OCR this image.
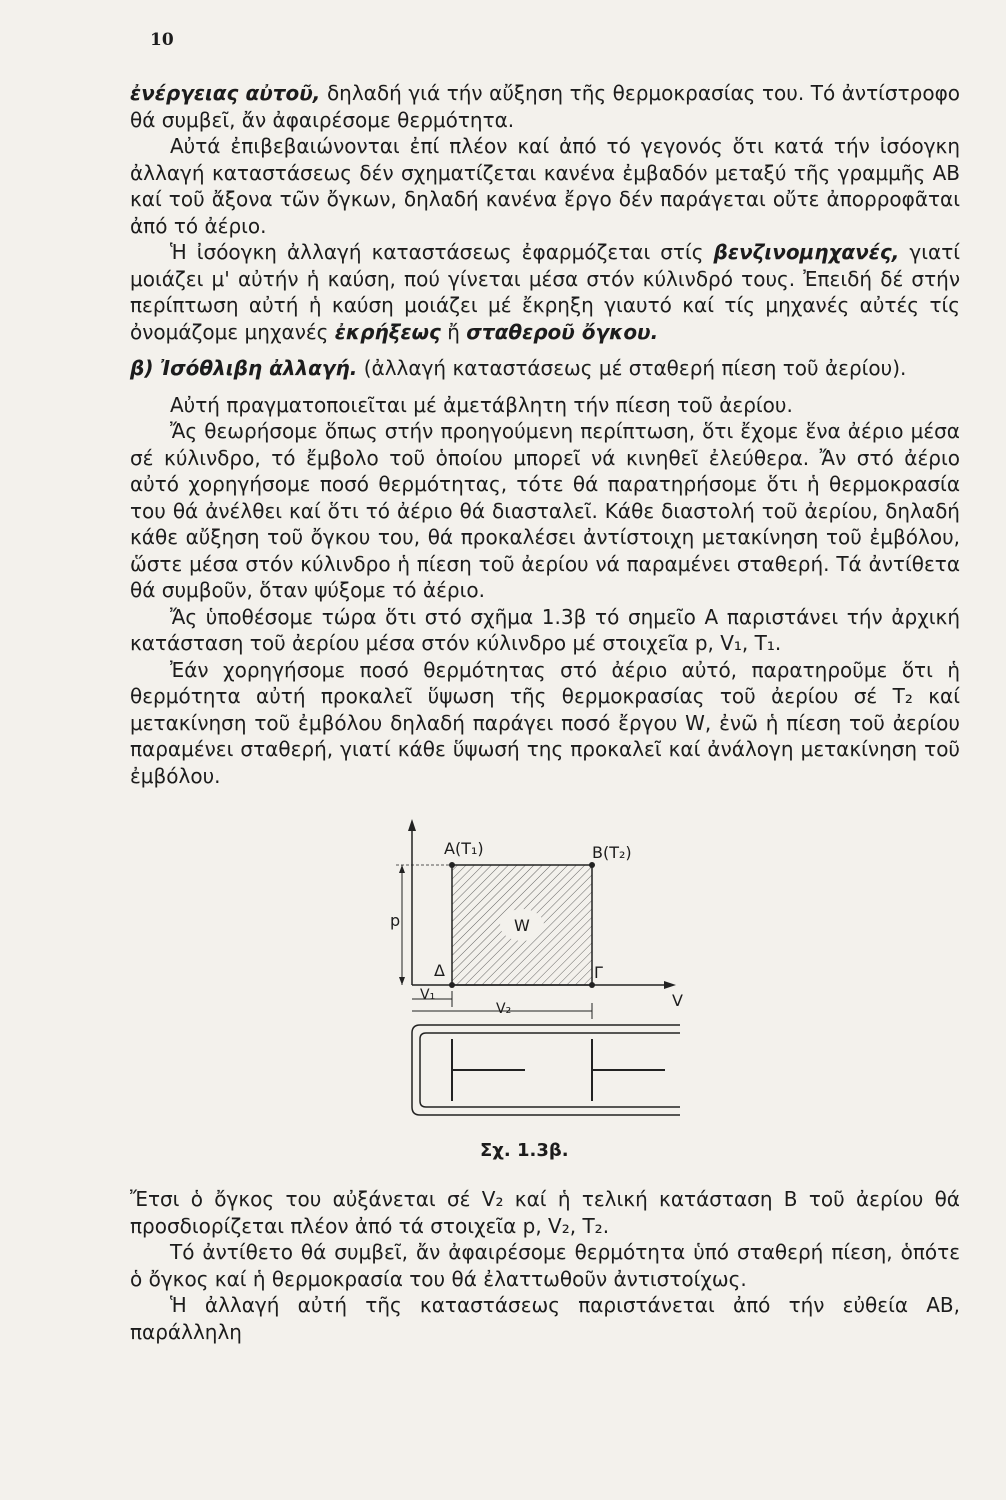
10

ἐνέργειας αὐτοῦ, δηλαδή γιά τήν αὔξηση τῆς θερμοκρασίας του. Τό ἀντίστροφο θά συμβεῖ, ἄν ἀφαιρέσομε θερμότητα.

Αὐτά ἐπιβεβαιώνονται ἐπί πλέον καί ἀπό τό γεγονός ὅτι κατά τήν ἰσόογκη ἀλλαγή καταστάσεως δέν σχηματίζεται κανένα ἐμβαδόν μεταξύ τῆς γραμμῆς ΑΒ καί τοῦ ἄξονα τῶν ὄγκων, δηλαδή κανένα ἔργο δέν παράγεται οὔτε ἀπορροφᾶται ἀπό τό ἀέριο.

Ἡ ἰσόογκη ἀλλαγή καταστάσεως ἐφαρμόζεται στίς βενζινομηχανές, γιατί μοιάζει μ' αὐτήν ἡ καύση, πού γίνεται μέσα στόν κύλινδρό τους. Ἐπειδή δέ στήν περίπτωση αὐτή ἡ καύση μοιάζει μέ ἔκρηξη γιαυτό καί τίς μηχανές αὐτές τίς ὀνομάζομε μηχανές ἐκρήξεως ἤ σταθεροῦ ὄγκου.

β) Ἰσόθλιβη ἀλλαγή. (ἀλλαγή καταστάσεως μέ σταθερή πίεση τοῦ ἀερίου).

Αὐτή πραγματοποιεῖται μέ ἀμετάβλητη τήν πίεση τοῦ ἀερίου.

Ἄς θεωρήσομε ὅπως στήν προηγούμενη περίπτωση, ὅτι ἔχομε ἕνα ἀέριο μέσα σέ κύλινδρο, τό ἔμβολο τοῦ ὁποίου μπορεῖ νά κινηθεῖ ἐλεύθερα. Ἄν στό ἀέριο αὐτό χορηγήσομε ποσό θερμότητας, τότε θά παρατηρήσομε ὅτι ἡ θερμοκρασία του θά ἀνέλθει καί ὅτι τό ἀέριο θά διασταλεῖ. Κάθε διαστολή τοῦ ἀερίου, δηλαδή κάθε αὔξηση τοῦ ὄγκου του, θά προκαλέσει ἀντίστοιχη μετακίνηση τοῦ ἐμβόλου, ὥστε μέσα στόν κύλινδρο ἡ πίεση τοῦ ἀερίου νά παραμένει σταθερή. Τά ἀντίθετα θά συμβοῦν, ὅταν ψύξομε τό ἀέριο.

Ἄς ὑποθέσομε τώρα ὅτι στό σχῆμα 1.3β τό σημεῖο Α παριστάνει τήν ἀρχική κατάσταση τοῦ ἀερίου μέσα στόν κύλινδρο μέ στοιχεῖα p, V₁, T₁.

Ἐάν χορηγήσομε ποσό θερμότητας στό ἀέριο αὐτό, παρατηροῦμε ὅτι ἡ θερμότητα αὐτή προκαλεῖ ὕψωση τῆς θερμοκρασίας τοῦ ἀερίου σέ T₂ καί μετακίνηση τοῦ ἐμβόλου δηλαδή παράγει ποσό ἔργου W, ἐνῶ ἡ πίεση τοῦ ἀερίου παραμένει σταθερή, γιατί κάθε ὕψωσή της προκαλεῖ καί ἀνάλογη μετακίνηση τοῦ ἐμβόλου.

A(T₁)	B(T₂)
p	W
Δ	Γ
V₁
V₂	V
Σχ. 1.3β.

Ἔτσι ὁ ὄγκος του αὐξάνεται σέ V₂ καί ἡ τελική κατάσταση Β τοῦ ἀερίου θά προσδιορίζεται πλέον ἀπό τά στοιχεῖα p, V₂, T₂.

Τό ἀντίθετο θά συμβεῖ, ἄν ἀφαιρέσομε θερμότητα ὑπό σταθερή πίεση, ὁπότε ὁ ὄγκος καί ἡ θερμοκρασία του θά ἐλαττωθοῦν ἀντιστοίχως.

Ἡ ἀλλαγή αὐτή τῆς καταστάσεως παριστάνεται ἀπό τήν εὐθεία ΑΒ, παράλληλη
